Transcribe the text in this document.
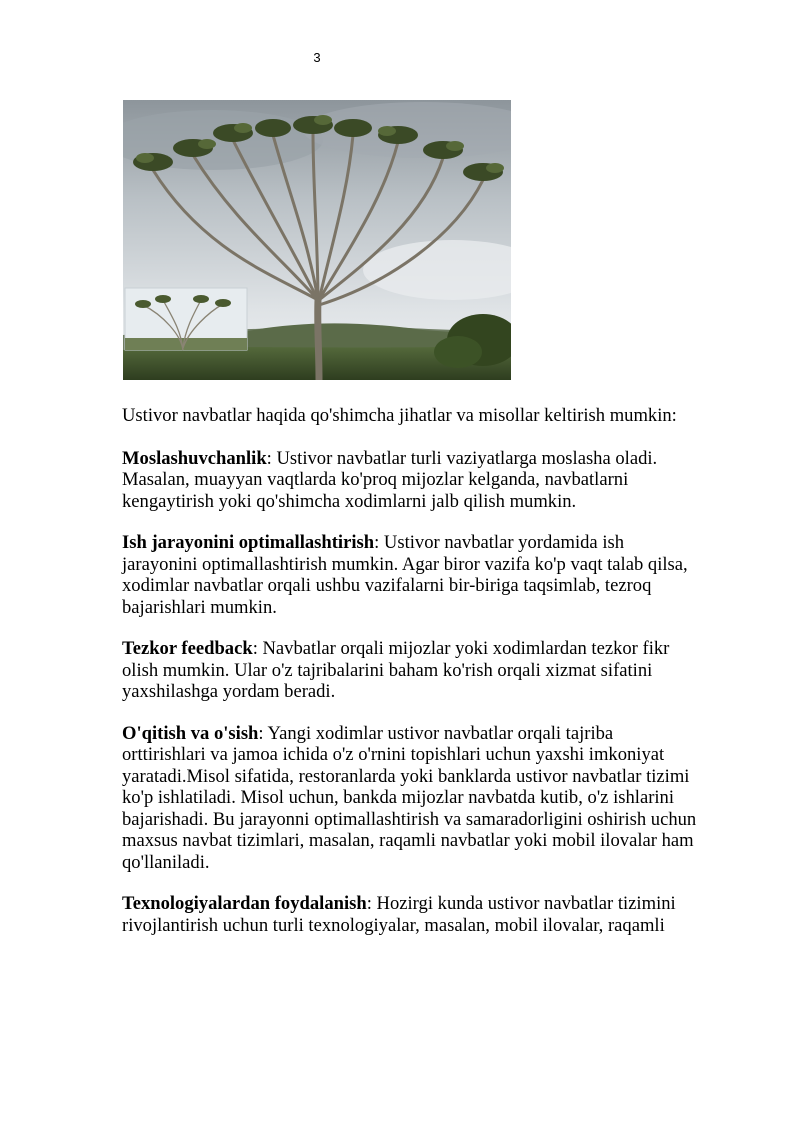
3

Ustivor navbatlar haqida qo'shimcha jihatlar va misollar keltirish mumkin:

Moslashuvchanlik: Ustivor navbatlar turli vaziyatlarga moslasha oladi. Masalan, muayyan vaqtlarda ko'proq mijozlar kelganda, navbatlarni kengaytirish yoki qo'shimcha xodimlarni jalb qilish mumkin.

Ish jarayonini optimallashtirish: Ustivor navbatlar yordamida ish jarayonini optimallashtirish mumkin. Agar biror vazifa ko'p vaqt talab qilsa, xodimlar navbatlar orqali ushbu vazifalarni bir-biriga taqsimlab, tezroq bajarishlari mumkin.

Tezkor feedback: Navbatlar orqali mijozlar yoki xodimlardan tezkor fikr olish mumkin. Ular o'z tajribalarini baham ko'rish orqali xizmat sifatini yaxshilashga yordam beradi.

O'qitish va o'sish: Yangi xodimlar ustivor navbatlar orqali tajriba orttirishlari va jamoa ichida o'z o'rnini topishlari uchun yaxshi imkoniyat yaratadi.Misol sifatida, restoranlarda yoki banklarda ustivor navbatlar tizimi ko'p ishlatiladi. Misol uchun, bankda mijozlar navbatda kutib, o'z ishlarini bajarishadi. Bu jarayonni optimallashtirish va samaradorligini oshirish uchun maxsus navbat tizimlari, masalan, raqamli navbatlar yoki mobil ilovalar ham qo'llaniladi.

Texnologiyalardan foydalanish: Hozirgi kunda ustivor navbatlar tizimini rivojlantirish uchun turli texnologiyalar, masalan, mobil ilovalar, raqamli
